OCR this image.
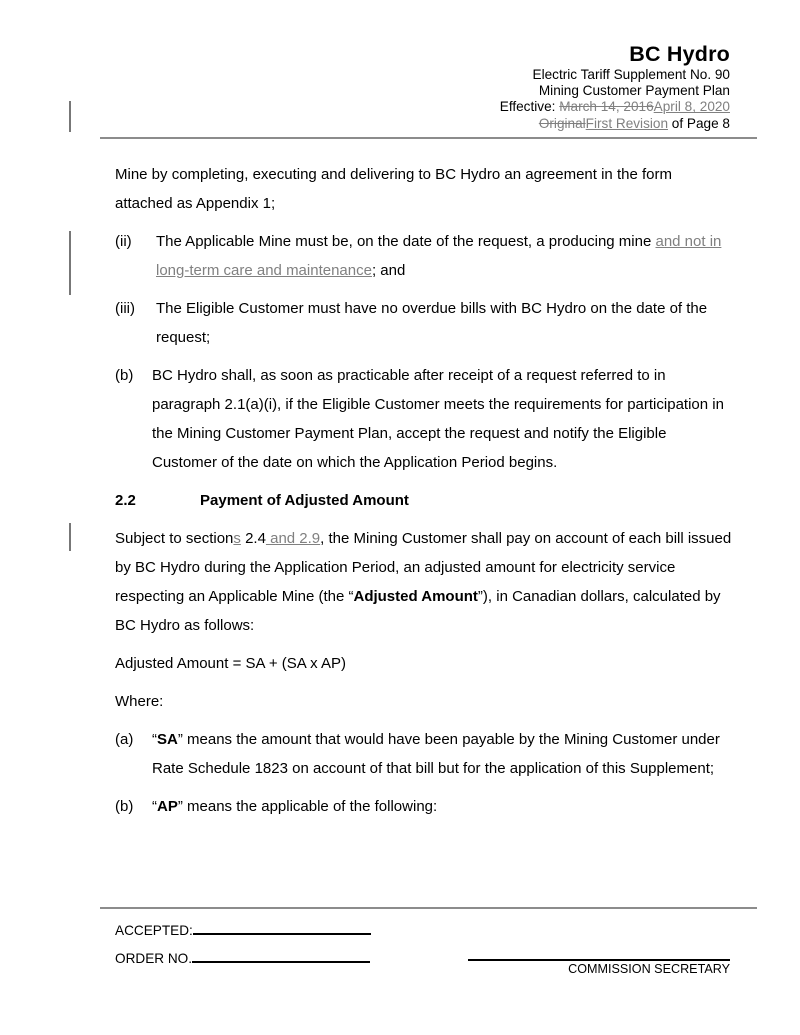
BC Hydro
Electric Tariff Supplement No. 90
Mining Customer Payment Plan
Effective: March 14, 2016April 8, 2020
OriginalFirst Revision of Page 8

Mine by completing, executing and delivering to BC Hydro an agreement in the form attached as Appendix 1;

(ii)	The Applicable Mine must be, on the date of the request, a producing mine and not in long-term care and maintenance; and
(iii)	The Eligible Customer must have no overdue bills with BC Hydro on the date of the request;
(b)	BC Hydro shall, as soon as practicable after receipt of a request referred to in paragraph 2.1(a)(i), if the Eligible Customer meets the requirements for participation in the Mining Customer Payment Plan, accept the request and notify the Eligible Customer of the date on which the Application Period begins.
2.2	Payment of Adjusted Amount

Subject to sections 2.4 and 2.9, the Mining Customer shall pay on account of each bill issued by BC Hydro during the Application Period, an adjusted amount for electricity service respecting an Applicable Mine (the “Adjusted Amount”), in Canadian dollars, calculated by BC Hydro as follows:

Adjusted Amount = SA + (SA x AP)

Where:

(a)	“SA” means the amount that would have been payable by the Mining Customer under Rate Schedule 1823 on account of that bill but for the application of this Supplement;
(b)	“AP” means the applicable of the following:
ACCEPTED:
ORDER NO.
COMMISSION SECRETARY
